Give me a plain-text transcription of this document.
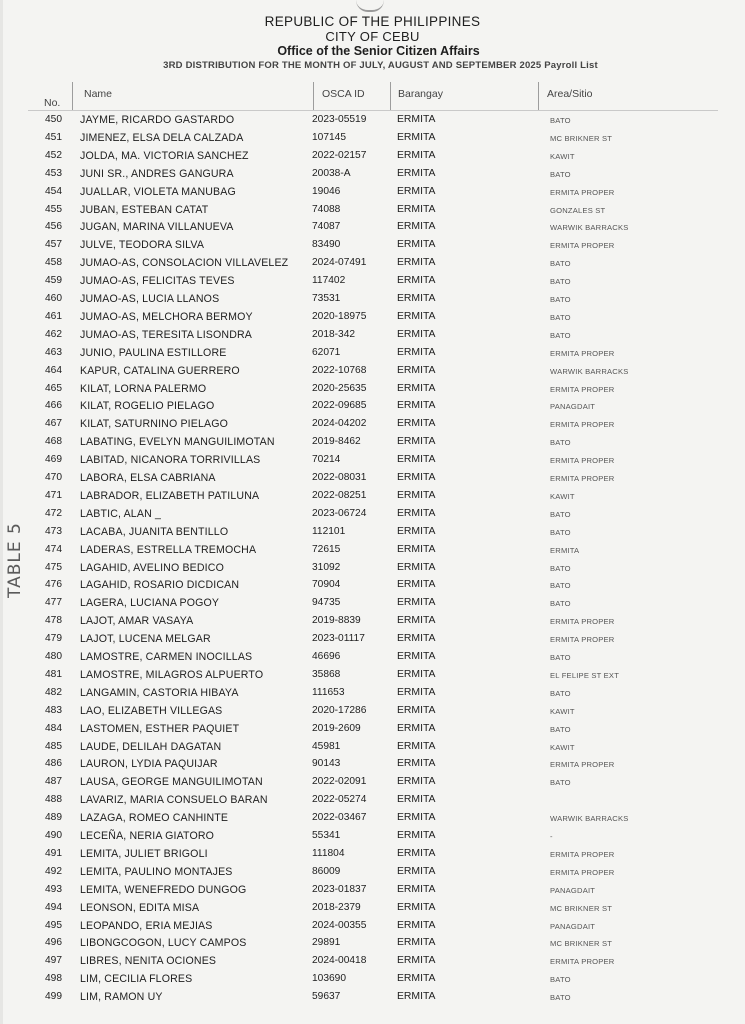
REPUBLIC OF THE PHILIPPINES
CITY OF CEBU
Office of the Senior Citizen Affairs
3RD DISTRIBUTION FOR THE MONTH OF JULY, AUGUST AND SEPTEMBER 2025 Payroll List
No.
Name	OSCA ID	Barangay	Area/Sitio
450 JAYME, RICARDO GASTARDO	2023-05519	ERMITA	BATO
451 JIMENEZ, ELSA DELA CALZADA	107145	ERMITA	MC BRIKNER ST
452 JOLDA, MA. VICTORIA SANCHEZ	2022-02157	ERMITA	KAWIT
453 JUNI SR., ANDRES GANGURA	20038-A	ERMITA	BATO
454 JUALLAR, VIOLETA MANUBAG	19046	ERMITA	ERMITA PROPER
455 JUBAN, ESTEBAN CATAT	74088	ERMITA	GONZALES ST
456 JUGAN, MARINA VILLANUEVA	74087	ERMITA	WARWIK BARRACKS
457 JULVE, TEODORA SILVA	83490	ERMITA	ERMITA PROPER
458 JUMAO-AS, CONSOLACION VILLAVELEZ 2024-07491	ERMITA	BATO
459 JUMAO-AS, FELICITAS TEVES	117402	ERMITA	BATO
460 JUMAO-AS, LUCIA LLANOS	73531	ERMITA	BATO
461 JUMAO-AS, MELCHORA BERMOY	2020-18975	ERMITA	BATO
462 JUMAO-AS, TERESITA LISONDRA	2018-342	ERMITA	BATO
463 JUNIO, PAULINA ESTILLORE	62071	ERMITA	ERMITA PROPER
464 KAPUR, CATALINA GUERRERO	2022-10768	ERMITA	WARWIK BARRACKS
465 KILAT, LORNA PALERMO	2020-25635	ERMITA	ERMITA PROPER
466 KILAT, ROGELIO PIELAGO	2022-09685	ERMITA	PANAGDAIT
467 KILAT, SATURNINO PIELAGO	2024-04202	ERMITA	ERMITA PROPER
468 LABATING, EVELYN MANGUILIMOTAN	2019-8462	ERMITA	BATO
469 LABITAD, NICANORA TORRIVILLAS	70214	ERMITA	ERMITA PROPER
470 LABORA, ELSA CABRIANA	2022-08031	ERMITA	ERMITA PROPER
471 LABRADOR, ELIZABETH PATILUNA	2022-08251	ERMITA	KAWIT
472 LABTIC, ALAN _	2023-06724	ERMITA	BATO
473 LACABA, JUANITA BENTILLO	112101	ERMITA	BATO
474 LADERAS, ESTRELLA TREMOCHA	72615	ERMITA	ERMITA
475 LAGAHID, AVELINO BEDICO	31092	ERMITA	BATO
476 LAGAHID, ROSARIO DICDICAN	70904	ERMITA	BATO
477 LAGERA, LUCIANA POGOY	94735	ERMITA	BATO
478 LAJOT, AMAR VASAYA	2019-8839	ERMITA	ERMITA PROPER
479 LAJOT, LUCENA MELGAR	2023-01117	ERMITA	ERMITA PROPER
480 LAMOSTRE, CARMEN INOCILLAS	46696	ERMITA	BATO
481 LAMOSTRE, MILAGROS ALPUERTO	35868	ERMITA	EL FELIPE ST EXT
482 LANGAMIN, CASTORIA HIBAYA	111653	ERMITA	BATO
483 LAO, ELIZABETH VILLEGAS	2020-17286	ERMITA	KAWIT
484 LASTOMEN, ESTHER PAQUIET	2019-2609	ERMITA	BATO
485 LAUDE, DELILAH DAGATAN	45981	ERMITA	KAWIT
486 LAURON, LYDIA PAQUIJAR	90143	ERMITA	ERMITA PROPER
487 LAUSA, GEORGE MANGUILIMOTAN	2022-02091	ERMITA	BATO
488 LAVARIZ, MARIA CONSUELO BARAN	2022-05274	ERMITA
489 LAZAGA, ROMEO CANHINTE	2022-03467	ERMITA	WARWIK BARRACKS
490 LECEÑA, NERIA GIATORO	55341	ERMITA	-
491 LEMITA, JULIET BRIGOLI	111804	ERMITA	ERMITA PROPER
492 LEMITA, PAULINO MONTAJES	86009	ERMITA	ERMITA PROPER
493 LEMITA, WENEFREDO DUNGOG	2023-01837	ERMITA	PANAGDAIT
494 LEONSON, EDITA MISA	2018-2379	ERMITA	MC BRIKNER ST
495 LEOPANDO, ERIA MEJIAS	2024-00355	ERMITA	PANAGDAIT
496 LIBONGCOGON, LUCY CAMPOS	29891	ERMITA	MC BRIKNER ST
497 LIBRES, NENITA OCIONES	2024-00418	ERMITA	ERMITA PROPER
498 LIM, CECILIA FLORES	103690	ERMITA	BATO
499 LIM, RAMON UY	59637	ERMITA	BATO
TABLE 5
